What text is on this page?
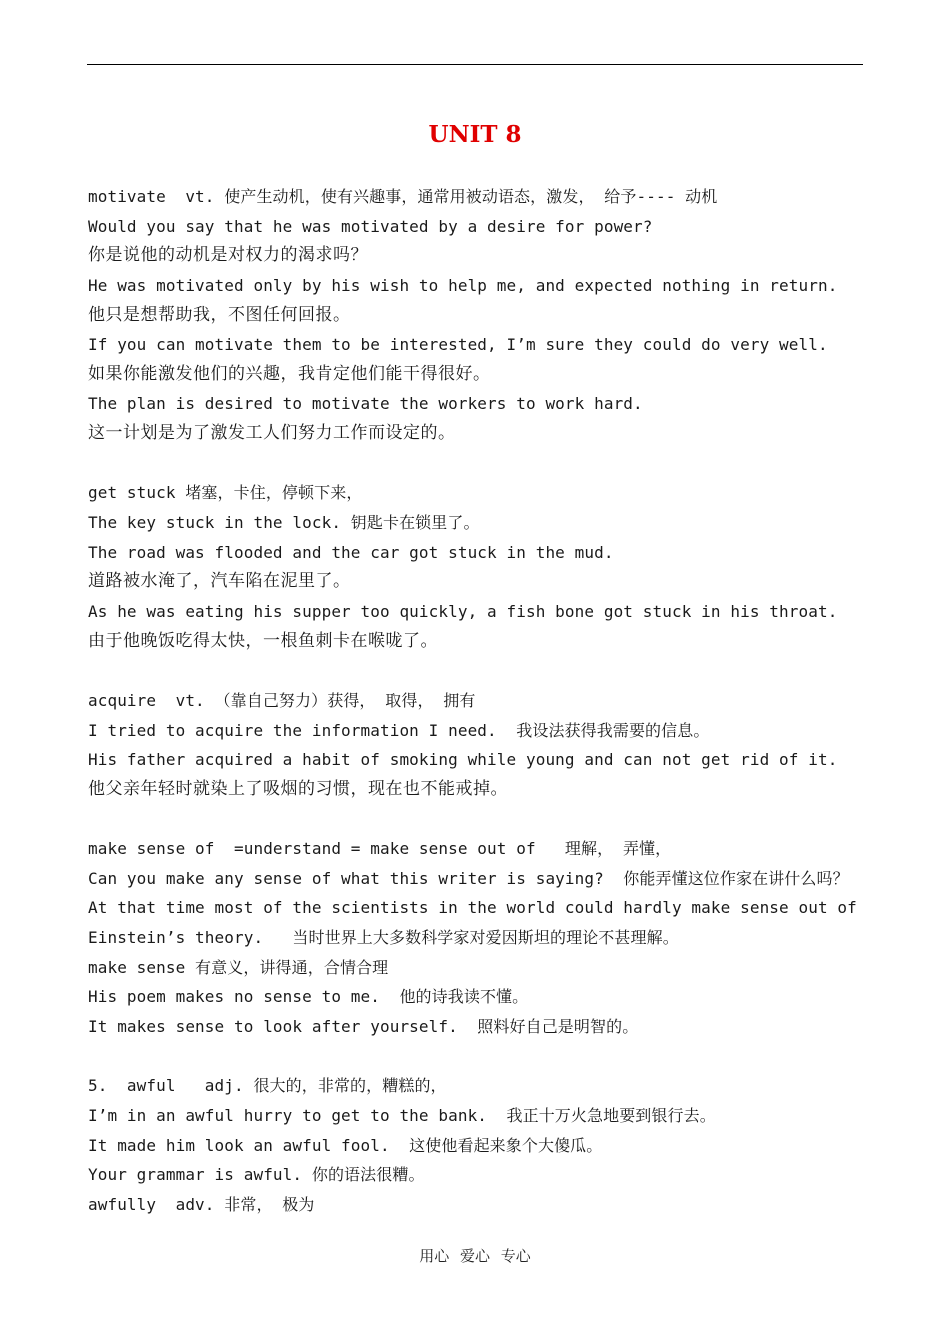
UNIT 8
motivate  vt. 使产生动机，使有兴趣事，通常用被动语态，激发， 给予---- 动机
Would you say that he was motivated by a desire for power?
你是说他的动机是对权力的渴求吗？
He was motivated only by his wish to help me, and expected nothing in return.
他只是想帮助我，不图任何回报。
If you can motivate them to be interested, I’m sure they could do very well.
如果你能激发他们的兴趣，我肯定他们能干得很好。
The plan is desired to motivate the workers to work hard.
这一计划是为了激发工人们努力工作而设定的。
get stuck 堵塞，卡住，停顿下来，
The key stuck in the lock. 钥匙卡在锁里了。
The road was flooded and the car got stuck in the mud.
道路被水淹了，汽车陷在泥里了。
As he was eating his supper too quickly, a fish bone got stuck in his throat.
由于他晚饭吃得太快，一根鱼刺卡在喉咙了。
acquire  vt. （靠自己努力）获得， 取得， 拥有
I tried to acquire the information I need.  我设法获得我需要的信息。
His father acquired a habit of smoking while young and can not get rid of it.
他父亲年轻时就染上了吸烟的习惯，现在也不能戒掉。
make sense of  =understand = make sense out of   理解， 弄懂，
Can you make any sense of what this writer is saying?  你能弄懂这位作家在讲什么吗？
At that time most of the scientists in the world could hardly make sense out of
Einstein’s theory.   当时世界上大多数科学家对爱因斯坦的理论不甚理解。
make sense 有意义，讲得通，合情合理
His poem makes no sense to me.  他的诗我读不懂。
It makes sense to look after yourself.  照料好自己是明智的。
5.  awful   adj. 很大的，非常的，糟糕的，
I’m in an awful hurry to get to the bank.  我正十万火急地要到银行去。
It made him look an awful fool.  这使他看起来象个大傻瓜。
Your grammar is awful. 你的语法很糟。
awfully  adv. 非常， 极为
用心 爱心 专心
